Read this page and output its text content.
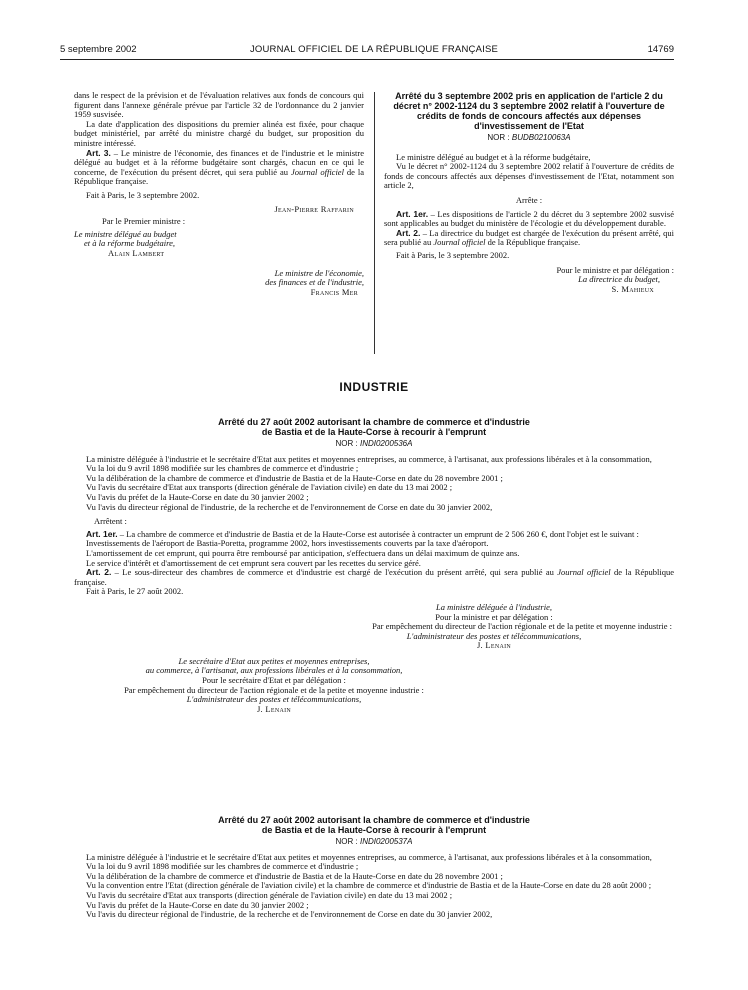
5 septembre 2002	JOURNAL OFFICIEL DE LA RÉPUBLIQUE FRANÇAISE	14769

dans le respect de la prévision et de l'évaluation relatives aux fonds de concours qui figurent dans l'annexe générale prévue par l'article 32 de l'ordonnance du 2 janvier 1959 susvisée.

La date d'application des dispositions du premier alinéa est fixée, pour chaque budget ministériel, par arrêté du ministre chargé du budget, sur proposition du ministre intéressé.

Art. 3. – Le ministre de l'économie, des finances et de l'industrie et le ministre délégué au budget et à la réforme budgétaire sont chargés, chacun en ce qui le concerne, de l'exécution du présent décret, qui sera publié au Journal officiel de la République française.

Fait à Paris, le 3 septembre 2002.

Jean-Pierre Raffarin

Par le Premier ministre :

Le ministre délégué au budget

et à la réforme budgétaire,

Alain Lambert

Le ministre de l'économie,

des finances et de l'industrie,

Francis Mer

Arrêté du 3 septembre 2002 pris en application de l'article 2 du décret n° 2002-1124 du 3 septembre 2002 relatif à l'ouverture de crédits de fonds de concours affectés aux dépenses d'investissement de l'Etat

NOR : BUDB0210063A

Le ministre délégué au budget et à la réforme budgétaire,

Vu le décret n° 2002-1124 du 3 septembre 2002 relatif à l'ouverture de crédits de fonds de concours affectés aux dépenses d'investissement de l'Etat, notamment son article 2,

Arrête :

Art. 1er. – Les dispositions de l'article 2 du décret du 3 septembre 2002 susvisé sont applicables au budget du ministère de l'écologie et du développement durable.

Art. 2. – La directrice du budget est chargée de l'exécution du présent arrêté, qui sera publié au Journal officiel de la République française.

Fait à Paris, le 3 septembre 2002.

Pour le ministre et par délégation :

La directrice du budget,

S. Mahieux

INDUSTRIE

Arrêté du 27 août 2002 autorisant la chambre de commerce et d'industrie

de Bastia et de la Haute-Corse à recourir à l'emprunt

NOR : INDI0200536A

La ministre déléguée à l'industrie et le secrétaire d'Etat aux petites et moyennes entreprises, au commerce, à l'artisanat, aux professions libérales et à la consommation,

Vu la loi du 9 avril 1898 modifiée sur les chambres de commerce et d'industrie ;

Vu la délibération de la chambre de commerce et d'industrie de Bastia et de la Haute-Corse en date du 28 novembre 2001 ;

Vu l'avis du secrétaire d'Etat aux transports (direction générale de l'aviation civile) en date du 13 mai 2002 ;

Vu l'avis du préfet de la Haute-Corse en date du 30 janvier 2002 ;

Vu l'avis du directeur régional de l'industrie, de la recherche et de l'environnement de Corse en date du 30 janvier 2002,

Arrêtent :

Art. 1er. – La chambre de commerce et d'industrie de Bastia et de la Haute-Corse est autorisée à contracter un emprunt de 2 506 260 €, dont l'objet est le suivant :

Investissements de l'aéroport de Bastia-Poretta, programme 2002, hors investissements couverts par la taxe d'aéroport.

L'amortissement de cet emprunt, qui pourra être remboursé par anticipation, s'effectuera dans un délai maximum de quinze ans.

Le service d'intérêt et d'amortissement de cet emprunt sera couvert par les recettes du service géré.

Art. 2. – Le sous-directeur des chambres de commerce et d'industrie est chargé de l'exécution du présent arrêté, qui sera publié au Journal officiel de la République française.

Fait à Paris, le 27 août 2002.

La ministre déléguée à l'industrie,

Pour la ministre et par délégation :

Par empêchement du directeur de l'action régionale et de la petite et moyenne industrie :

L'administrateur des postes et télécommunications,

J. Lenain

Le secrétaire d'Etat aux petites et moyennes entreprises,

au commerce, à l'artisanat, aux professions libérales et à la consommation,

Pour le secrétaire d'Etat et par délégation :

Par empêchement du directeur de l'action régionale et de la petite et moyenne industrie :

L'administrateur des postes et télécommunications,

J. Lenain

Arrêté du 27 août 2002 autorisant la chambre de commerce et d'industrie

de Bastia et de la Haute-Corse à recourir à l'emprunt

NOR : INDI0200537A

La ministre déléguée à l'industrie et le secrétaire d'Etat aux petites et moyennes entreprises, au commerce, à l'artisanat, aux professions libérales et à la consommation,

Vu la loi du 9 avril 1898 modifiée sur les chambres de commerce et d'industrie ;

Vu la délibération de la chambre de commerce et d'industrie de Bastia et de la Haute-Corse en date du 28 novembre 2001 ;

Vu la convention entre l'Etat (direction générale de l'aviation civile) et la chambre de commerce et d'industrie de Bastia et de la Haute-Corse en date du 28 août 2000 ;

Vu l'avis du secrétaire d'Etat aux transports (direction générale de l'aviation civile) en date du 13 mai 2002 ;

Vu l'avis du préfet de la Haute-Corse en date du 30 janvier 2002 ;

Vu l'avis du directeur régional de l'industrie, de la recherche et de l'environnement de Corse en date du 30 janvier 2002,
